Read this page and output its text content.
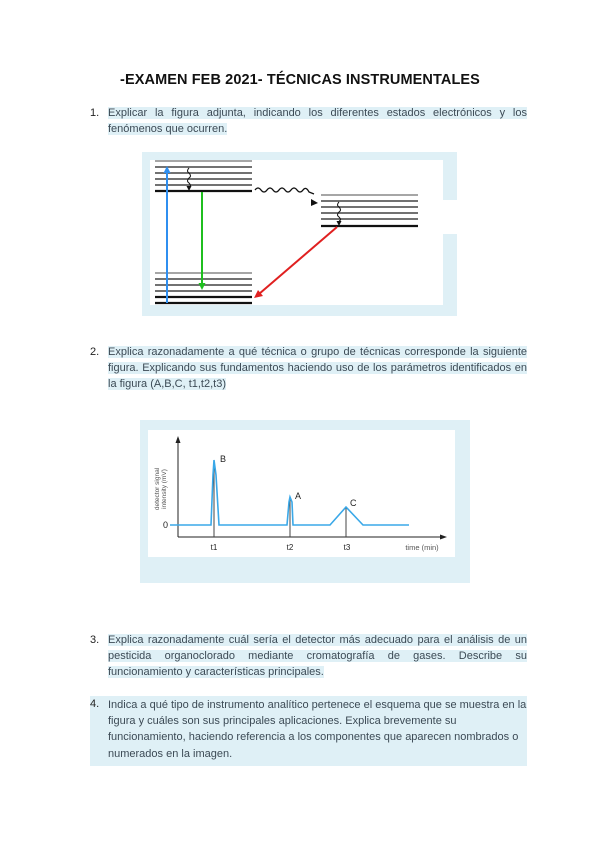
-EXAMEN FEB 2021- TÉCNICAS INSTRUMENTALES
1. Explicar la figura adjunta, indicando los diferentes estados electrónicos y los fenómenos que ocurren.
0
detector signal intensity (mV)
B
A
C
t1	t2	t3	time (min)
2. Explica razonadamente a qué técnica o grupo de técnicas corresponde la siguiente figura. Explicando sus fundamentos haciendo uso de los parámetros identificados en la figura (A,B,C, t1,t2,t3)
3. Explica razonadamente cuál sería el detector más adecuado para el análisis de un pesticida organoclorado mediante cromatografía de gases. Describe su funcionamiento y características principales.
4. Indica a qué tipo de instrumento analítico pertenece el esquema que se muestra en la figura y cuáles son sus principales aplicaciones. Explica brevemente su funcionamiento, haciendo referencia a los componentes que aparecen nombrados o numerados en la imagen.
